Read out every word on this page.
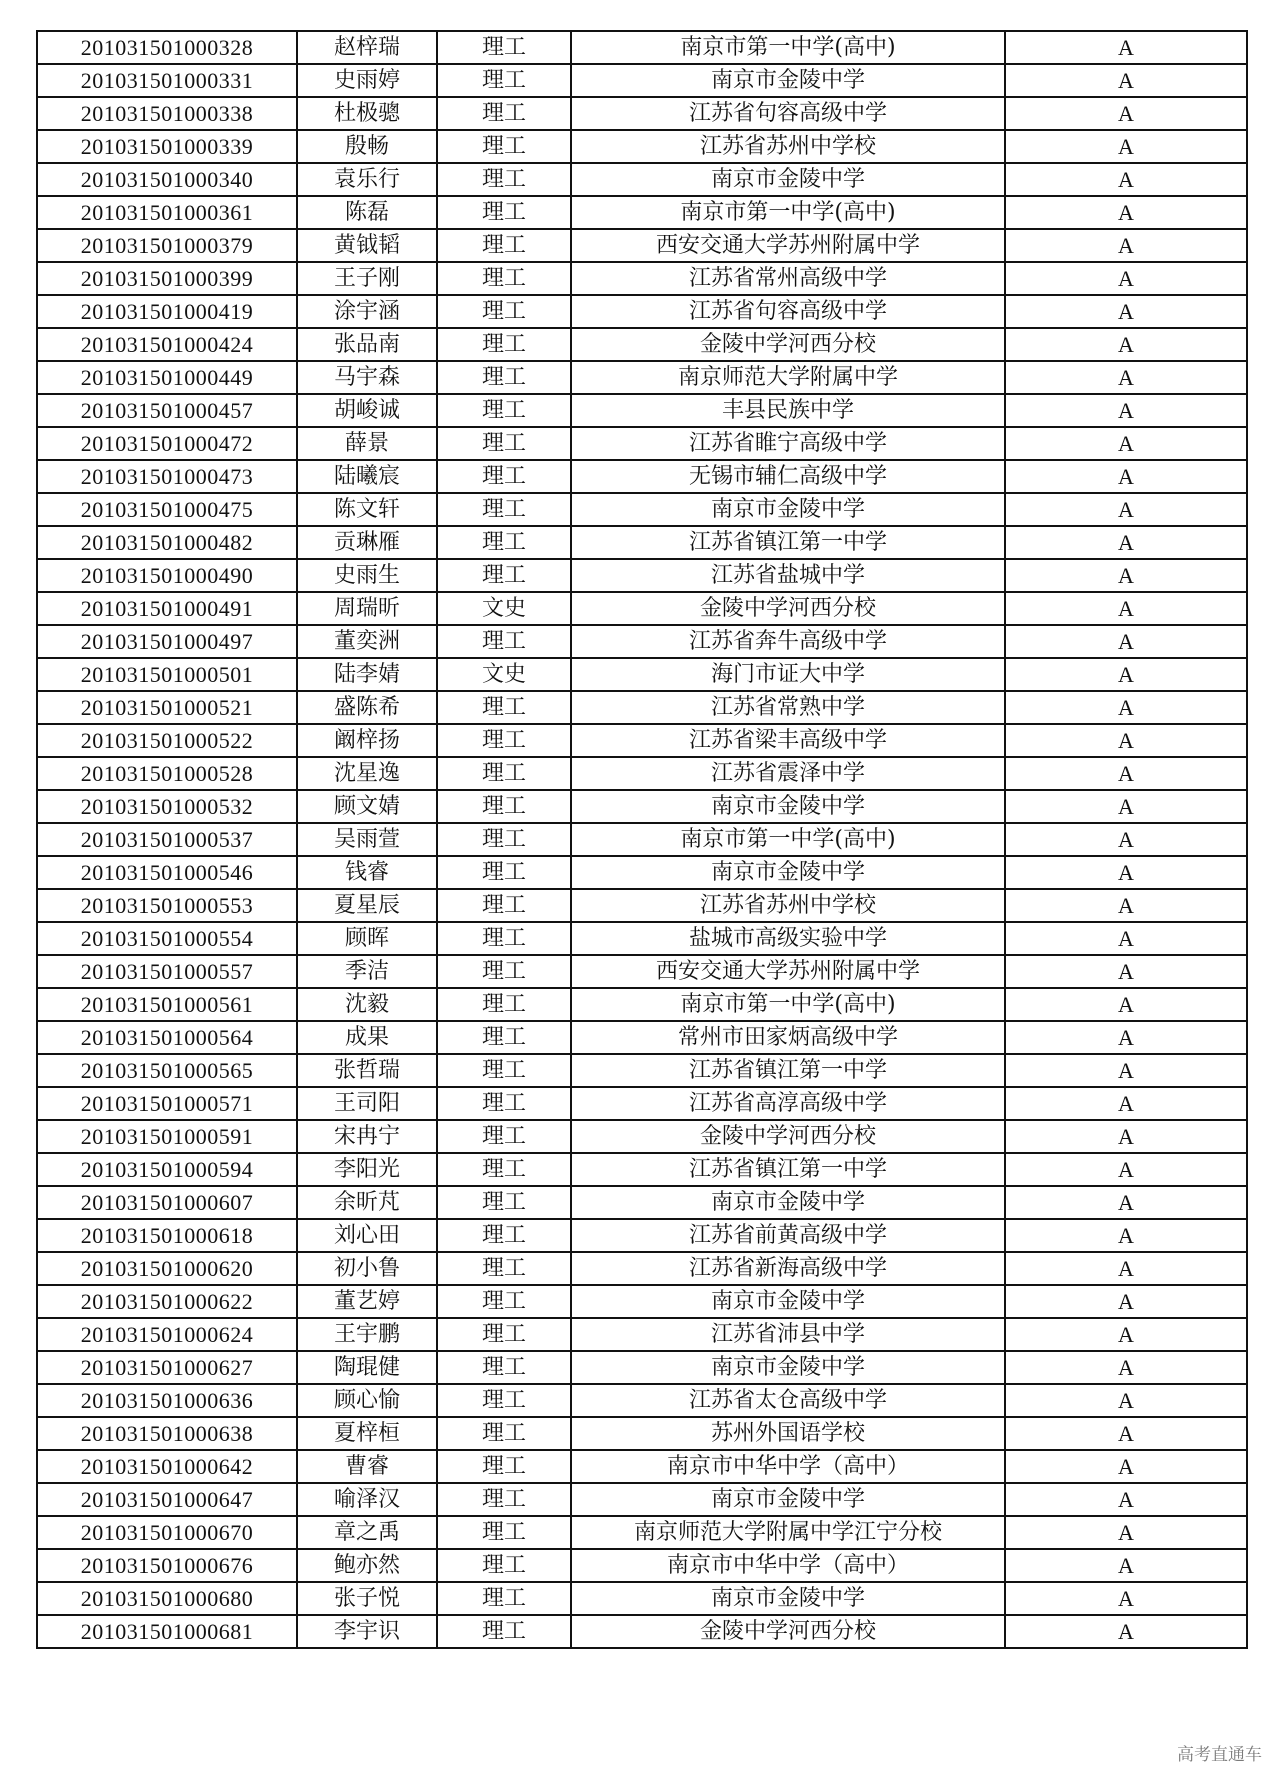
201031501000328	赵梓瑞	理工	南京市第一中学(高中)	A
201031501000331	史雨婷	理工	南京市金陵中学	A
201031501000338	杜极骢	理工	江苏省句容高级中学	A
201031501000339	殷畅	理工	江苏省苏州中学校	A
201031501000340	袁乐行	理工	南京市金陵中学	A
201031501000361	陈磊	理工	南京市第一中学(高中)	A
201031501000379	黄钺韬	理工	西安交通大学苏州附属中学	A
201031501000399	王子刚	理工	江苏省常州高级中学	A
201031501000419	涂宇涵	理工	江苏省句容高级中学	A
201031501000424	张品南	理工	金陵中学河西分校	A
201031501000449	马宇森	理工	南京师范大学附属中学	A
201031501000457	胡峻诚	理工	丰县民族中学	A
201031501000472	薛景	理工	江苏省睢宁高级中学	A
201031501000473	陆曦宸	理工	无锡市辅仁高级中学	A
201031501000475	陈文轩	理工	南京市金陵中学	A
201031501000482	贡琳雁	理工	江苏省镇江第一中学	A
201031501000490	史雨生	理工	江苏省盐城中学	A
201031501000491	周瑞昕	文史	金陵中学河西分校	A
201031501000497	董奕洲	理工	江苏省奔牛高级中学	A
201031501000501	陆李婧	文史	海门市证大中学	A
201031501000521	盛陈希	理工	江苏省常熟中学	A
201031501000522	阚梓扬	理工	江苏省梁丰高级中学	A
201031501000528	沈星逸	理工	江苏省震泽中学	A
201031501000532	顾文婧	理工	南京市金陵中学	A
201031501000537	吴雨萱	理工	南京市第一中学(高中)	A
201031501000546	钱睿	理工	南京市金陵中学	A
201031501000553	夏星辰	理工	江苏省苏州中学校	A
201031501000554	顾晖	理工	盐城市高级实验中学	A
201031501000557	季洁	理工	西安交通大学苏州附属中学	A
201031501000561	沈毅	理工	南京市第一中学(高中)	A
201031501000564	成果	理工	常州市田家炳高级中学	A
201031501000565	张哲瑞	理工	江苏省镇江第一中学	A
201031501000571	王司阳	理工	江苏省高淳高级中学	A
201031501000591	宋冉宁	理工	金陵中学河西分校	A
201031501000594	李阳光	理工	江苏省镇江第一中学	A
201031501000607	余昕芃	理工	南京市金陵中学	A
201031501000618	刘心田	理工	江苏省前黄高级中学	A
201031501000620	初小鲁	理工	江苏省新海高级中学	A
201031501000622	董艺婷	理工	南京市金陵中学	A
201031501000624	王宇鹏	理工	江苏省沛县中学	A
201031501000627	陶琨健	理工	南京市金陵中学	A
201031501000636	顾心愉	理工	江苏省太仓高级中学	A
201031501000638	夏梓桓	理工	苏州外国语学校	A
201031501000642	曹睿	理工	南京市中华中学（高中）	A
201031501000647	喻泽汉	理工	南京市金陵中学	A
201031501000670	章之禹	理工	南京师范大学附属中学江宁分校	A
201031501000676	鲍亦然	理工	南京市中华中学（高中）	A
201031501000680	张子悦	理工	南京市金陵中学	A
201031501000681	李宇识	理工	金陵中学河西分校	A
高考直通车
